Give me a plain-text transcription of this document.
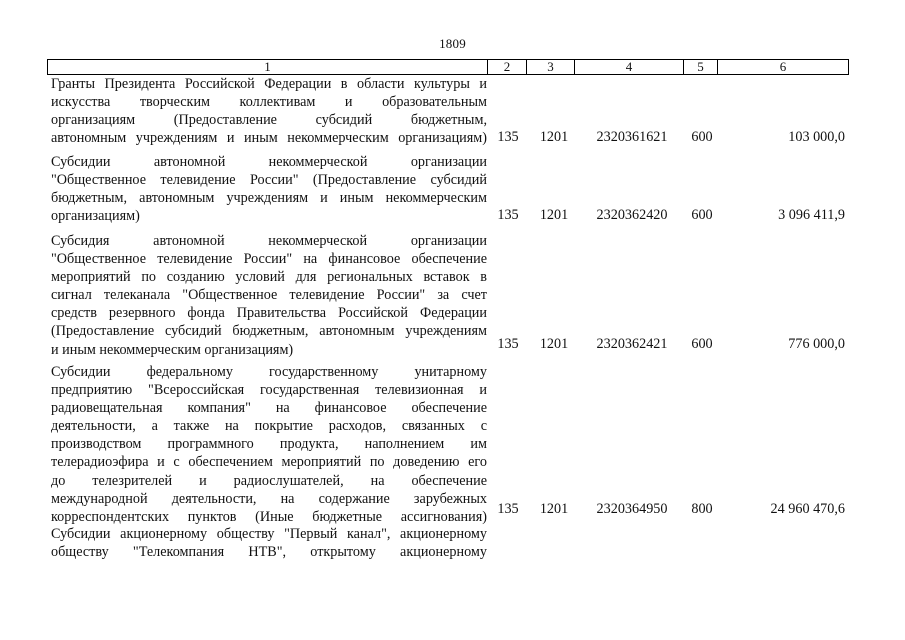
1809
1	2	3	4	5	6
Гранты Президента Российской Федерации в области культуры и
искусства творческим коллективам и образовательным
организациям (Предоставление субсидий бюджетным,
автономным учреждениям и иным некоммерческим организациям) 135	1201	2320361621	600	103 000,0
Субсидии автономной некоммерческой организации
"Общественное телевидение России" (Предоставление субсидий
бюджетным, автономным учреждениям и иным некоммерческим
организациям)	135	1201	2320362420	600	3 096 411,9
Субсидия автономной некоммерческой организации
"Общественное телевидение России" на финансовое обеспечение
мероприятий по созданию условий для региональных вставок в
сигнал телеканала "Общественное телевидение России" за счет
средств резервного фонда Правительства Российской Федерации
(Предоставление субсидий бюджетным, автономным учреждениям
и иным некоммерческим организациям)	135	1201	2320362421	600	776 000,0
Субсидии федеральному государственному унитарному
предприятию "Всероссийская государственная телевизионная и
радиовещательная компания" на финансовое обеспечение
деятельности, а также на покрытие расходов, связанных с
производством программного продукта, наполнением им
телерадиоэфира и с обеспечением мероприятий по доведению его
до телезрителей и радиослушателей, на обеспечение
международной деятельности, на содержание зарубежных
корреспондентских пунктов (Иные бюджетные ассигнования) 135	1201	2320364950	800	24 960 470,6
Субсидии акционерному обществу "Первый канал", акционерному
обществу "Телекомпания НТВ", открытому акционерному
